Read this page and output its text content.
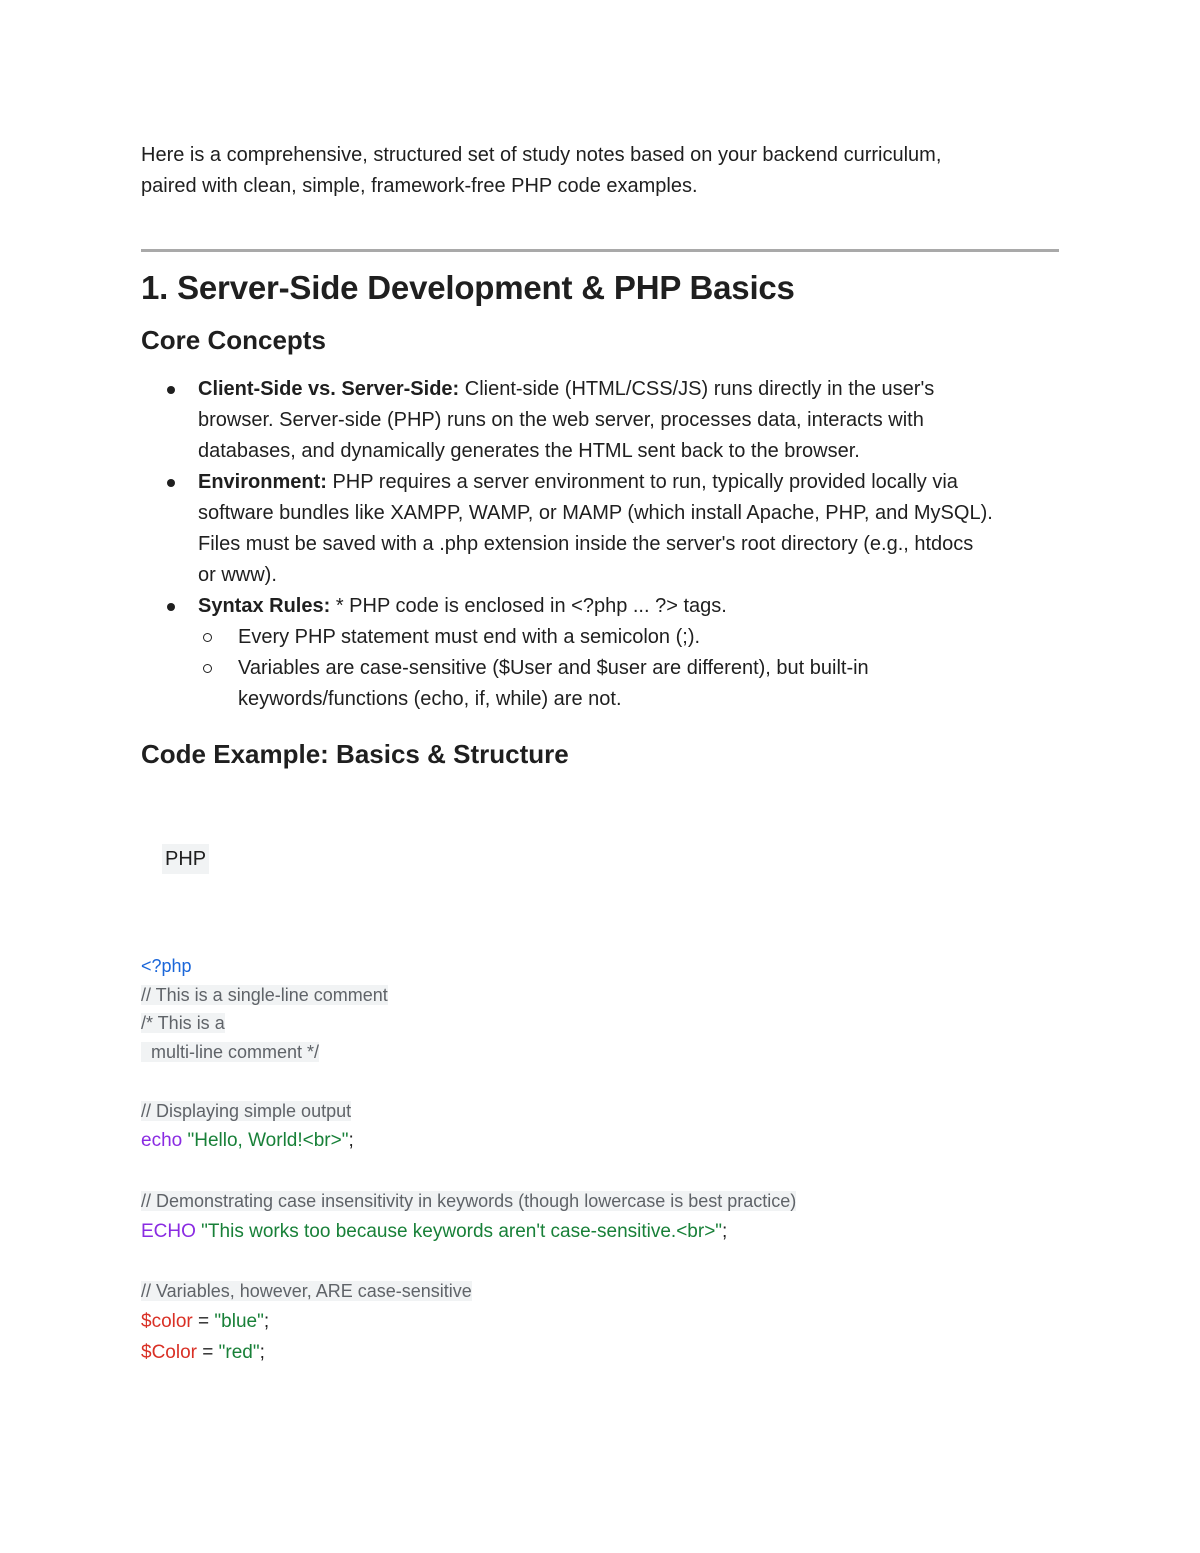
Here is a comprehensive, structured set of study notes based on your backend curriculum,
paired with clean, simple, framework-free PHP code examples.

1. Server-Side Development & PHP Basics
Core Concepts
Client-Side vs. Server-Side: Client-side (HTML/CSS/JS) runs directly in the user's
browser. Server-side (PHP) runs on the web server, processes data, interacts with
databases, and dynamically generates the HTML sent back to the browser.
Environment: PHP requires a server environment to run, typically provided locally via
software bundles like XAMPP, WAMP, or MAMP (which install Apache, PHP, and MySQL).
Files must be saved with a .php extension inside the server's root directory (e.g., htdocs
or www).
Syntax Rules: * PHP code is enclosed in <?php ... ?> tags.
Every PHP statement must end with a semicolon (;).
Variables are case-sensitive ($User and $user are different), but built-in
keywords/functions (echo, if, while) are not.
Code Example: Basics & Structure
PHP
<?php
// This is a single-line comment
/* This is a
multi-line comment */
// Displaying simple output
echo "Hello, World!<br>";
// Demonstrating case insensitivity in keywords (though lowercase is best practice)
ECHO "This works too because keywords aren't case-sensitive.<br>";
// Variables, however, ARE case-sensitive
$color = "blue";
$Color = "red";
